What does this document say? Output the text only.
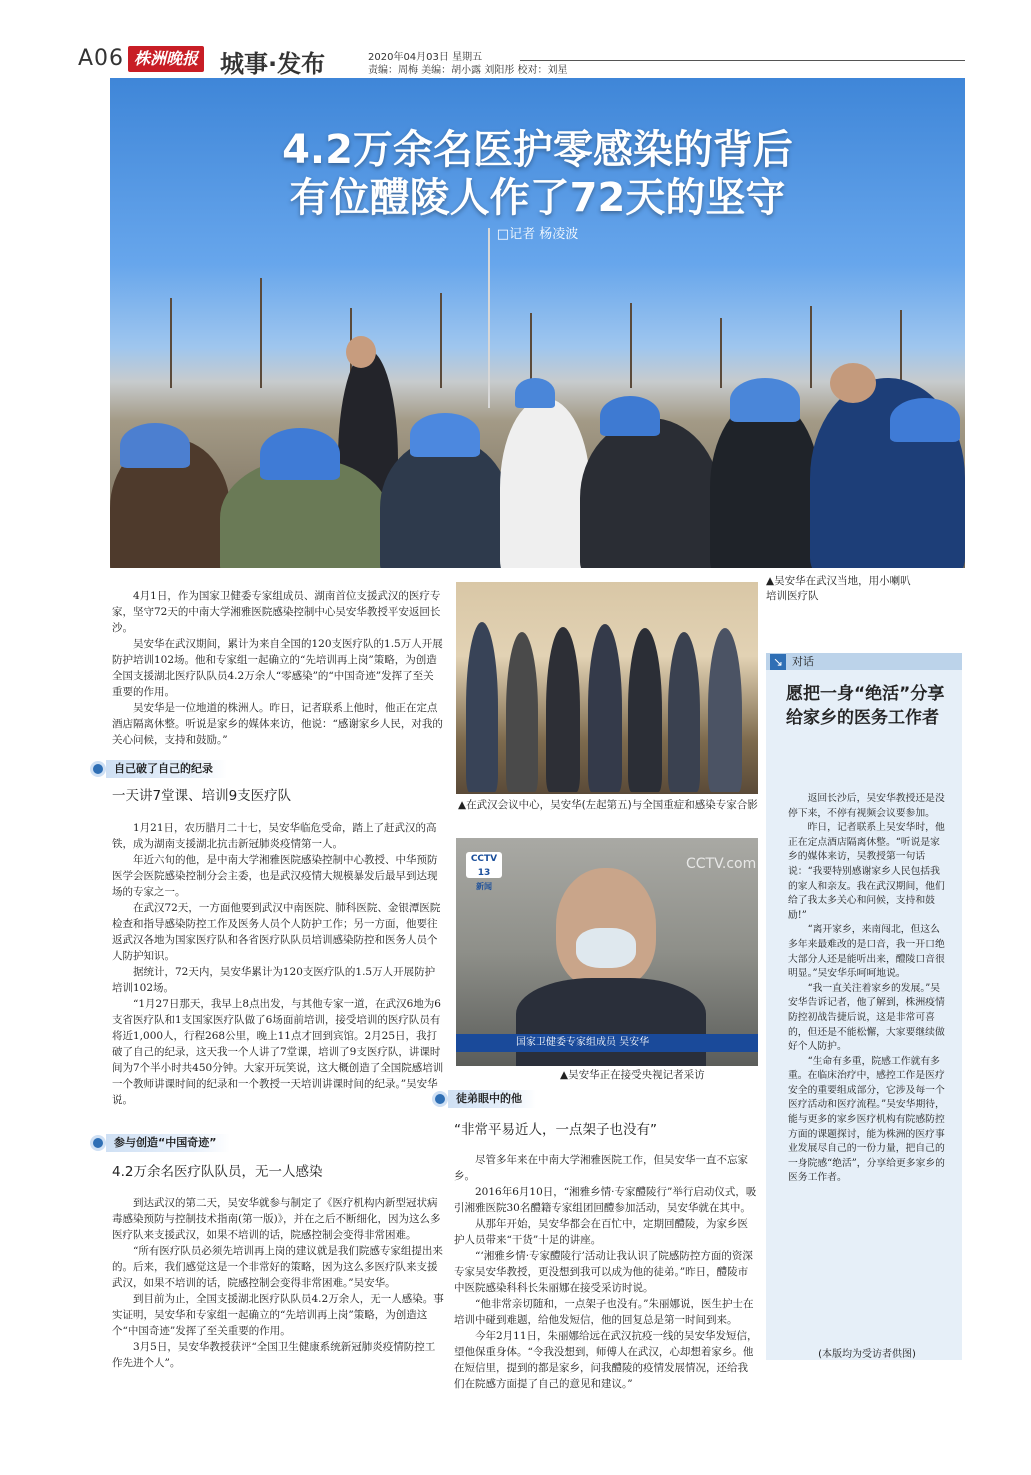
A06 株洲晚报 城事·发布	2020年04月03日 星期五
责编：周梅 美编：胡小露 刘阳彤 校对：刘星
4.2万余名医护零感染的背后
有位醴陵人作了72天的坚守
□记者 杨凌波

4月1日，作为国家卫健委专家组成员、湖南首位支援武汉的医疗专家，坚守72天的中南大学湘雅医院感染控制中心吴安华教授平安返回长沙。

吴安华在武汉期间，累计为来自全国的120支医疗队的1.5万人开展防护培训102场。他和专家组一起确立的“先培训再上岗”策略，为创造全国支援湖北医疗队队员4.2万余人“零感染”的“中国奇迹”发挥了至关重要的作用。

吴安华是一位地道的株洲人。昨日，记者联系上他时，他正在定点酒店隔离休整。听说是家乡的媒体来访，他说：“感谢家乡人民，对我的关心问候，支持和鼓励。”

自己破了自己的纪录
一天讲7堂课、培训9支医疗队

1月21日，农历腊月二十七，吴安华临危受命，踏上了赶武汉的高铁，成为湖南支援湖北抗击新冠肺炎疫情第一人。

年近六旬的他，是中南大学湘雅医院感染控制中心教授、中华预防医学会医院感染控制分会主委，也是武汉疫情大规模暴发后最早到达现场的专家之一。

在武汉72天，一方面他要到武汉中南医院、肺科医院、金银潭医院检查和指导感染防控工作及医务人员个人防护工作；另一方面，他要往返武汉各地为国家医疗队和各省医疗队队员培训感染防控和医务人员个人防护知识。

据统计，72天内，吴安华累计为120支医疗队的1.5万人开展防护培训102场。

“1月27日那天，我早上8点出发，与其他专家一道，在武汉6地为6支省医疗队和1支国家医疗队做了6场面前培训，接受培训的医疗队员有将近1,000人，行程268公里，晚上11点才回到宾馆。2月25日，我打破了自己的纪录，这天我一个人讲了7堂课，培训了9支医疗队，讲课时间为7个半小时共450分钟。大家开玩笑说，这大概创造了全国院感培训一个教师讲课时间的纪录和一个教授一天培训讲课时间的纪录。”吴安华说。

参与创造“中国奇迹”
4.2万余名医疗队队员，无一人感染

到达武汉的第二天，吴安华就参与制定了《医疗机构内新型冠状病毒感染预防与控制技术指南(第一版)》，并在之后不断细化，因为这么多医疗队来支援武汉，如果不培训的话，院感控制会变得非常困难。

“所有医疗队员必须先培训再上岗的建议就是我们院感专家组提出来的。后来，我们感觉这是一个非常好的策略，因为这么多医疗队来支援武汉，如果不培训的话，院感控制会变得非常困难。”吴安华。

到目前为止，全国支援湖北医疗队队员4.2万余人，无一人感染。事实证明，吴安华和专家组一起确立的“先培训再上岗”策略，为创造这个“中国奇迹”发挥了至关重要的作用。

3月5日，吴安华教授获评“全国卫生健康系统新冠肺炎疫情防控工作先进个人”。

▲在武汉会议中心，吴安华(左起第五)与全国重症和感染专家合影
CCTV 13
新闻
CCTV.com
国家卫健委专家组成员 吴安华
▲吴安华正在接受央视记者采访
徒弟眼中的他
“非常平易近人，一点架子也没有”

尽管多年来在中南大学湘雅医院工作，但吴安华一直不忘家乡。

2016年6月10日，“湘雅乡情·专家醴陵行”举行启动仪式，吸引湘雅医院30名醴籍专家组团回醴参加活动，吴安华就在其中。

从那年开始，吴安华都会在百忙中，定期回醴陵，为家乡医护人员带来“干货”十足的讲座。

“‘湘雅乡情·专家醴陵行’活动让我认识了院感防控方面的资深专家吴安华教授，更没想到我可以成为他的徒弟。”昨日，醴陵市中医院感染科科长朱丽娜在接受采访时说。

“他非常亲切随和，一点架子也没有。”朱丽娜说，医生护士在培训中碰到难题，给他发短信，他的回复总是第一时间到来。

今年2月11日，朱丽娜给远在武汉抗疫一线的吴安华发短信，望他保重身体。“令我没想到，师傅人在武汉，心却想着家乡。他在短信里，提到的都是家乡，问我醴陵的疫情发展情况，还给我们在院感方面提了自己的意见和建议。”

▲吴安华在武汉当地，用小喇叭培训医疗队
↘ 对话
愿把一身“绝活”分享给家乡的医务工作者

返回长沙后，吴安华教授还是没停下来，不停有视频会议要参加。

昨日，记者联系上吴安华时，他正在定点酒店隔离休整。“听说是家乡的媒体来访，吴教授第一句话说：“我要特别感谢家乡人民包括我的家人和亲友。我在武汉期间，他们给了我太多关心和问候，支持和鼓励!”

“离开家乡，来南闯北，但这么多年来最难改的是口音，我一开口绝大部分人还是能听出来，醴陵口音很明显。”吴安华乐呵呵地说。

“我一直关注着家乡的发展。”吴安华告诉记者，他了解到，株洲疫情防控初战告捷后说，这是非常可喜的，但还是不能松懈，大家要继续做好个人防护。

“生命有多重，院感工作就有多重。在临床治疗中，感控工作是医疗安全的重要组成部分，它涉及每一个医疗活动和医疗流程。”吴安华期待，能与更多的家乡医疗机构有院感防控方面的课题探讨，能为株洲的医疗事业发展尽自己的一份力量，把自己的一身院感“绝活”，分享给更多家乡的医务工作者。

(本版均为受访者供图)
